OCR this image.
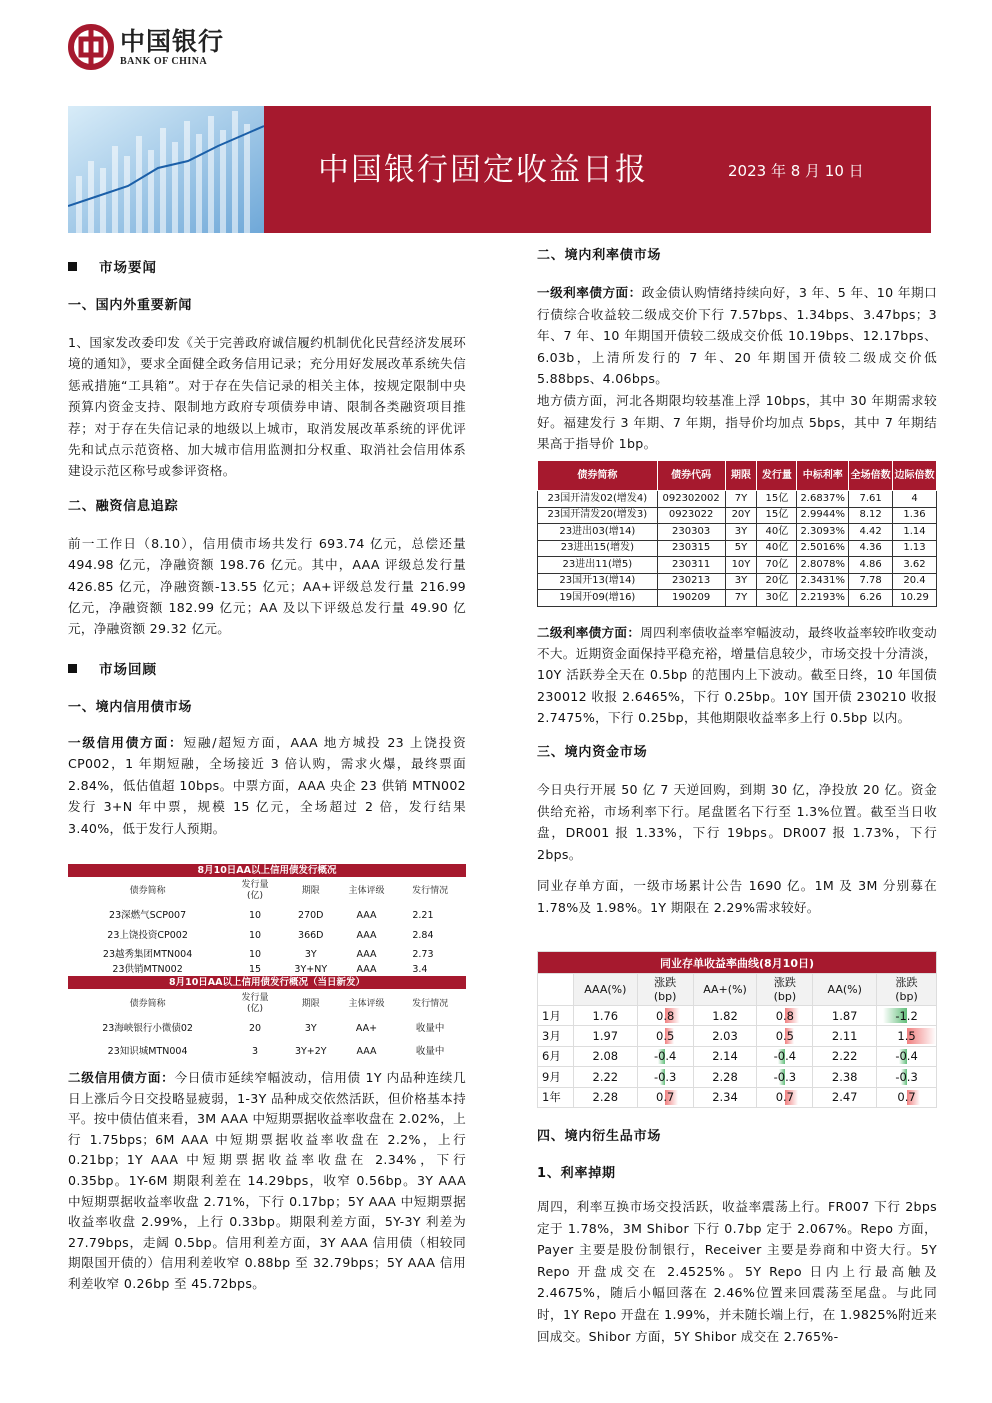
中国银行
BANK OF CHINA
中国银行固定收益日报	2023 年 8 月 10 日
市场要闻
一、国内外重要新闻
1、国家发改委印发《关于完善政府诚信履约机制优化民营经济发展环境的通知》，要求全面健全政务信用记录；充分用好发展改革系统失信惩戒措施“工具箱”。对于存在失信记录的相关主体，按规定限制中央预算内资金支持、限制地方政府专项债券申请、限制各类融资项目推荐；对于存在失信记录的地级以上城市，取消发展改革系统的评优评先和试点示范资格、加大城市信用监测扣分权重、取消社会信用体系建设示范区称号或参评资格。
二、融资信息追踪
前一工作日（8.10），信用债市场共发行 693.74 亿元，总偿还量 494.98 亿元，净融资额 198.76 亿元。其中，AAA 评级总发行量 426.85 亿元，净融资额-13.55 亿元；AA+评级总发行量 216.99 亿元，净融资额 182.99 亿元；AA 及以下评级总发行量 49.90 亿元，净融资额 29.32 亿元。
市场回顾
一、境内信用债市场
一级信用债方面：短融/超短方面，AAA 地方城投 23 上饶投资 CP002，1 年期短融，全场接近 3 倍认购，需求火爆，最终票面 2.84%，低估值超 10bps。中票方面，AAA 央企 23 供销 MTN002 发行 3+N 年中票，规模 15 亿元，全场超过 2 倍，发行结果 3.40%，低于发行人预期。
8月10日AA以上信用债发行概况				
债券简称	发行量
(亿)	期限	主体评级	发行情况
23深燃气SCP007	10	270D	AAA	2.21
23上饶投资CP002	10	366D	AAA	2.84
23越秀集团MTN004	10	3Y	AAA	2.73
23供销MTN002	15	3Y+NY	AAA	3.4
8月10日AA以上信用债发行概况（当日新发）				
债券简称	发行量
(亿)	期限	主体评级	发行情况
23海峡银行小微债02	20	3Y	AA+	收量中
23知识城MTN004	3	3Y+2Y	AAA	收量中
二级信用债方面：今日债市延续窄幅波动，信用债 1Y 内品种连续几日上涨后今日交投略显疲弱，1-3Y 品种成交依然活跃，但价格基本持平。按中债估值来看，3M AAA 中短期票据收益率收盘在 2.02%，上行 1.75bps；6M AAA 中短期票据收益率收盘在 2.2%，上行 0.21bp；1Y AAA 中短期票据收益率收盘在 2.34%，下行 0.35bp。1Y-6M 期限利差在 14.29bps，收窄 0.56bp。3Y AAA 中短期票据收益率收盘 2.71%，下行 0.17bp；5Y AAA 中短期票据收益率收盘 2.99%，上行 0.33bp。期限利差方面，5Y-3Y 利差为 27.79bps，走阔 0.5bp。信用利差方面，3Y AAA 信用债（相较同期限国开债的）信用利差收窄 0.88bp 至 32.79bps；5Y AAA 信用利差收窄 0.26bp 至 45.72bps。
二、境内利率债市场
一级利率债方面：政金债认购情绪持续向好，3 年、5 年、10 年期口行债综合收益较二级成交价下行 7.57bps、1.34bps、3.47bps；3 年、7 年、10 年期国开债较二级成交价低 10.19bps、12.17bps、6.03b，上清所发行的 7 年、20 年期国开债较二级成交价低 5.88bps、4.06bps。
地方债方面，河北各期限均较基准上浮 10bps，其中 30 年期需求较好。福建发行 3 年期、7 年期，指导价均加点 5bps，其中 7 年期结果高于指导价 1bp。
债券简称	债券代码	期限	发行量	中标利率	全场倍数	边际倍数
23国开清发02(增发4)	092302002	7Y	15亿	2.6837%	7.61	4
23国开清发20(增发3)	0923022	20Y	15亿	2.9944%	8.12	1.36
23进出03(增14)	230303	3Y	40亿	2.3093%	4.42	1.14
23进出15(增发)	230315	5Y	40亿	2.5016%	4.36	1.13
23进出11(增5)	230311	10Y	70亿	2.8078%	4.86	3.62
23国开13(增14)	230213	3Y	20亿	2.3431%	7.78	20.4
19国开09(增16)	190209	7Y	30亿	2.2193%	6.26	10.29
二级利率债方面：周四利率债收益率窄幅波动，最终收益率较昨收变动不大。近期资金面保持平稳充裕，增量信息较少，市场交投十分清淡，10Y 活跃券全天在 0.5bp 的范围内上下波动。截至日终，10 年国债 230012 收报 2.6465%，下行 0.25bp。10Y 国开债 230210 收报 2.7475%，下行 0.25bp，其他期限收益率多上行 0.5bp 以内。
三、境内资金市场
今日央行开展 50 亿 7 天逆回购，到期 30 亿，净投放 20 亿。资金供给充裕，市场利率下行。尾盘匿名下行至 1.3%位置。截至当日收盘，DR001 报 1.33%，下行 19bps。DR007 报 1.73%，下行 2bps。
同业存单方面，一级市场累计公告 1690 亿。1M 及 3M 分别募在 1.78%及 1.98%。1Y 期限在 2.29%需求较好。
同业存单收益率曲线(8月10日)						
	AAA(%)	涨跌
(bp)	AA+(%)	涨跌
(bp)	AA(%)	涨跌
(bp)
1月	1.76	0.8	1.82	0.8	1.87	-1.2
3月	1.97	0.5	2.03	0.5	2.11	1.5
6月	2.08	-0.4	2.14	-0.4	2.22	-0.4
9月	2.22	-0.3	2.28	-0.3	2.38	-0.3
1年	2.28	0.7	2.34	0.7	2.47	0.7
四、境内衍生品市场
1、利率掉期
周四，利率互换市场交投活跃，收益率震荡上行。FR007 下行 2bps 定于 1.78%，3M Shibor 下行 0.7bp 定于 2.067%。Repo 方面，Payer 主要是股份制银行，Receiver 主要是券商和中资大行。5Y Repo 开盘成交在 2.4525%。5Y Repo 日内上行最高触及 2.4675%，随后小幅回落在 2.46%位置来回震荡至尾盘。与此同时，1Y Repo 开盘在 1.99%，并未随长端上行，在 1.9825%附近来回成交。Shibor 方面，5Y Shibor 成交在 2.765%-
